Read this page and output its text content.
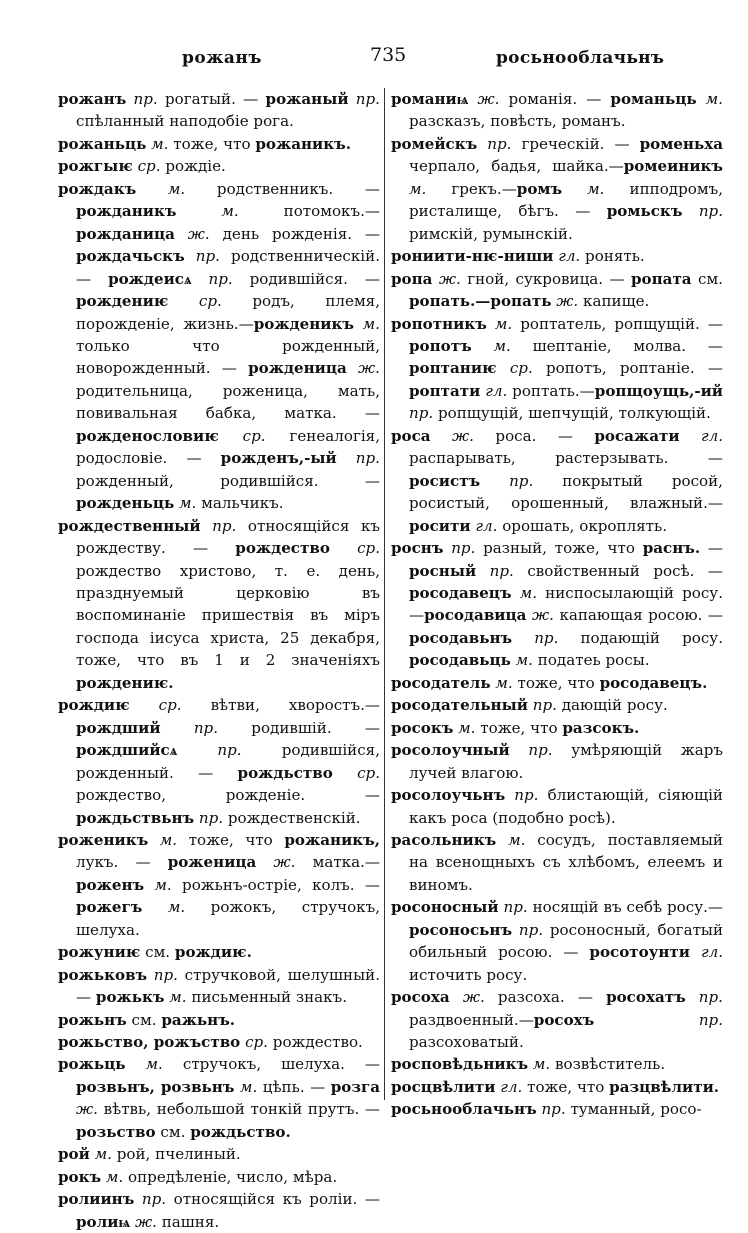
рожанъ	735	росьнооблачьнъ

рожанъ пр. рогатый. — рожаный пр. спѣланный наподобіе рога.

рожаньць м. тоже, что рожаникъ.

рожгыѥ ср. рождіе.

рождакъ м. родственникъ. — рожданикъ м. потомокъ.—рожданица ж. день рожденія. — рождачьскъ пр. родственническій. — рождеисѧ пр. родившійся. — рождениѥ ср. родъ, племя, порожденіе, жизнь.—рожденикъ м. только что рожденный, новорожденный. — рожденица ж. родительница, роженица, мать, повивальная бабка, матка. — рожденословиѥ ср. генеалогія, родословіе. — рожденъ,-ый пр. рожденный, родившійся. — рожденьць м. мальчикъ.

рождественный пр. относящійся къ рождеству. — рождество ср. рождество христово, т. е. день, празднуемый церковію въ воспоминаніе пришествія въ міръ господа іисуса христа, 25 декабря, тоже, что въ 1 и 2 значеніяхъ рождениѥ.

рождиѥ ср. вѣтви, хворостъ.—рождший пр. родившій. — рождшийсѧ пр. родившійся, рожденный. — рождьство ср. рождество, рожденіе. —рождьствьнъ пр. рождественскій.

роженикъ м. тоже, что рожаникъ, лукъ. — роженица ж. матка.—роженъ м. рожьнъ-остріе, колъ. — рожегъ м. рожокъ, стручокъ, шелуха.

рожуниѥ см. рождиѥ.

рожьковъ пр. стручковой, шелушный. — рожькъ м. письменный знакъ.

рожьнъ см. ражьнъ.

рожьство, рожъство ср. рождество.

рожьць м. стручокъ, шелуха. — розвьнъ, розвьнъ м. цѣпь. — розга ж. вѣтвь, небольшой тонкій прутъ. —розьство см. рождьство.

рой м. рой, пчелиный.

рокъ м. опредѣленіе, число, мѣра.

ролиинъ пр. относящійся къ роліи. —ролиѩ ж. пашня.

романиѩ ж. романія. — романьць м. разсказъ, повѣсть, романъ.

ромейскъ пр. греческій. — роменьха черпало, бадья, шайка.—ромеиникъ м. грекъ.—ромъ м. ипподромъ, ристалище, бѣгъ. — ромьскъ пр. римскій, румынскій.

рониити-нѥ-ниши гл. ронять.

ропа ж. гной, сукровица. — ропата см. ропать.—ропать ж. капище.

ропотникъ м. роптатель, ропщущій. — ропотъ м. шептаніе, молва. — роптаниѥ ср. ропотъ, роптаніе. — роптати гл. роптать.—ропщоущь,-ий пр. ропщущій, шепчущій, толкующій.

роса ж. роса. — росажати гл. распарывать, растерзывать. — росистъ пр. покрытый росой, росистый, орошенный, влажный.—росити гл. орошать, окроплять.

роснъ пр. разный, тоже, что раснъ. — росный пр. свойственный росѣ. — росодавецъ м. ниспосылающій росу. —росодавица ж. капающая росою. —росодавьнъ пр. подающій росу. росодавьць м. податеь росы.

росодатель м. тоже, что росодавецъ.

росодательный пр. дающій росу.

росокъ м. тоже, что разсокъ.

росолоучный пр. умѣряющій жаръ лучей влагою.

росолоучьнъ пр. блистающій, сіяющій какъ роса (подобно росѣ).

расольникъ м. сосудъ, поставляемый на всенощныхъ съ хлѣбомъ, елеемъ и виномъ.

росоносный пр. носящій въ себѣ росу.—росоносьнъ пр. росоносный, богатый обильный росою. — росотоунти гл. источить росу.

росоха ж. разсоха. — росохатъ пр. раздвоенный.—росохъ пр. разсоховатый.

росповѣдьникъ м. возвѣститель.

росцвѣлити гл. тоже, что разцвѣлити.

росьнооблачьнъ пр. туманный, росо-
